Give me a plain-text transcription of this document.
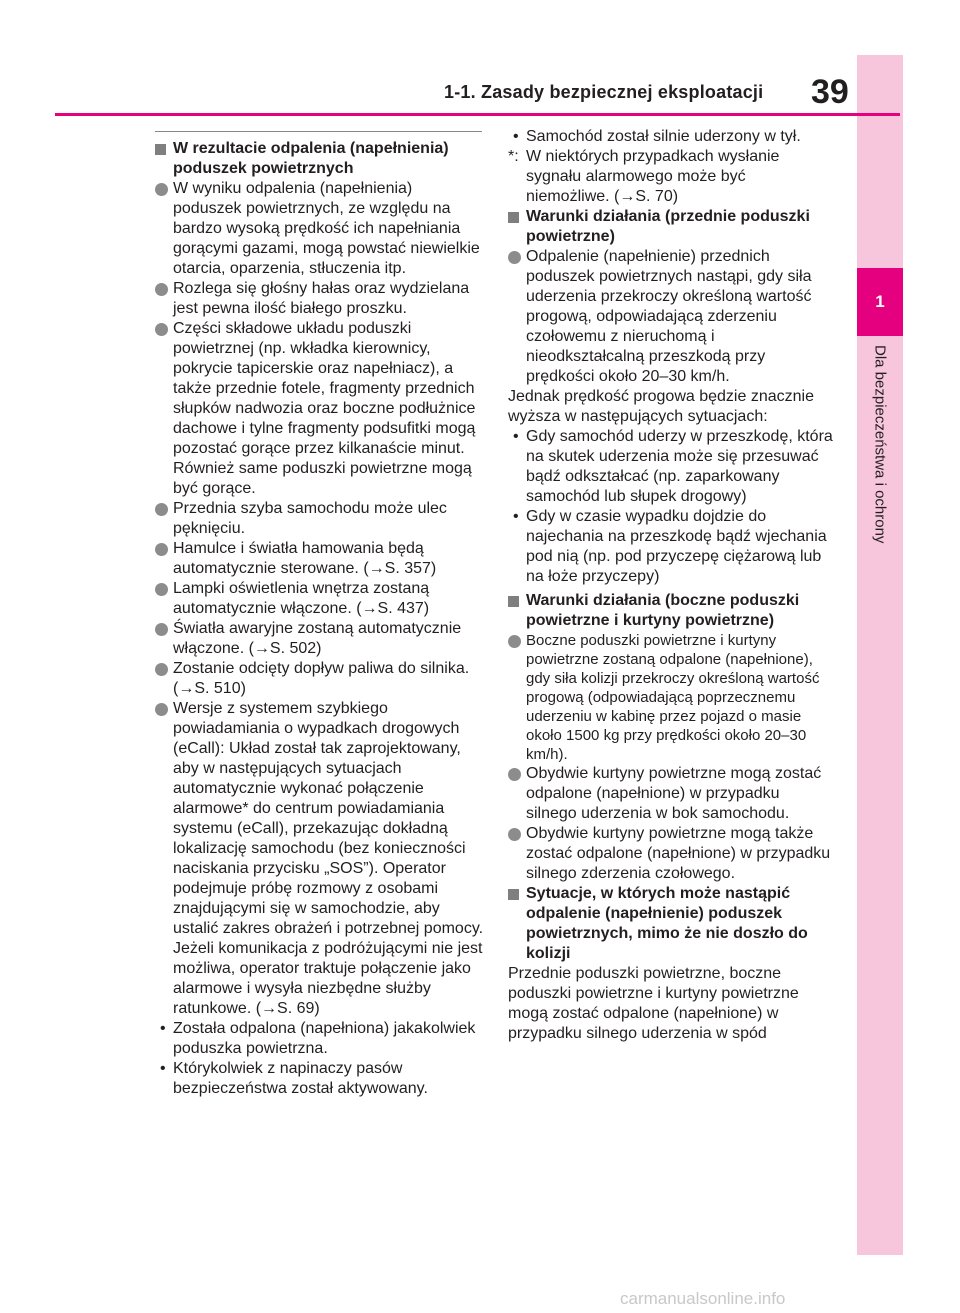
1
Dla bezpieczeństwa i ochrony
1-1. Zasady bezpiecznej eksploatacji 39

W rezultacie odpalenia (napełnienia) poduszek powietrznych

W wyniku odpalenia (napełnienia) poduszek powietrznych, ze względu na bardzo wysoką prędkość ich napełniania gorącymi gazami, mogą powstać niewielkie otarcia, oparzenia, stłuczenia itp.

Rozlega się głośny hałas oraz wydzielana jest pewna ilość białego proszku.

Części składowe układu poduszki powietrznej (np. wkładka kierownicy, pokrycie tapicerskie oraz napełniacz), a także przednie fotele, fragmenty przednich słupków nadwozia oraz boczne podłużnice dachowe i tylne fragmenty podsufitki mogą pozostać gorące przez kilkanaście minut. Również same poduszki powietrzne mogą być gorące.

Przednia szyba samochodu może ulec pęknięciu.

Hamulce i światła hamowania będą automatycznie sterowane. (→S. 357)

Lampki oświetlenia wnętrza zostaną automatycznie włączone. (→S. 437)

Światła awaryjne zostaną automatycznie włączone. (→S. 502)

Zostanie odcięty dopływ paliwa do silnika. (→S. 510)

Wersje z systemem szybkiego powiadamiania o wypadkach drogowych (eCall): Układ został tak zaprojektowany, aby w następujących sytuacjach automatycznie wykonać połączenie alarmowe* do centrum powiadamiania systemu (eCall), przekazując dokładną lokalizację samochodu (bez konieczności naciskania przycisku „SOS”). Operator podejmuje próbę rozmowy z osobami znajdującymi się w samochodzie, aby ustalić zakres obrażeń i potrzebnej pomocy. Jeżeli komunikacja z podróżującymi nie jest możliwa, operator traktuje połączenie jako alarmowe i wysyła niezbędne służby ratunkowe. (→S. 69)

• Została odpalona (napełniona) jakakolwiek poduszka powietrzna.

• Którykolwiek z napinaczy pasów bezpieczeństwa został aktywowany.

• Samochód został silnie uderzony w tył.

*: W niektórych przypadkach wysłanie sygnału alarmowego może być niemożliwe. (→S. 70)

Warunki działania (przednie poduszki powietrzne)

Odpalenie (napełnienie) przednich poduszek powietrznych nastąpi, gdy siła uderzenia przekroczy określoną wartość progową, odpowiadającą zderzeniu czołowemu z nieruchomą i nieodkształcalną przeszkodą przy prędkości około 20–30 km/h.

Jednak prędkość progowa będzie znacznie wyższa w następujących sytuacjach:

• Gdy samochód uderzy w przeszkodę, która na skutek uderzenia może się przesuwać bądź odkształcać (np. zaparkowany samochód lub słupek drogowy)

• Gdy w czasie wypadku dojdzie do najechania na przeszkodę bądź wjechania pod nią (np. pod przyczepę ciężarową lub na łoże przyczepy)

Warunki działania (boczne poduszki powietrzne i kurtyny powietrzne)

Boczne poduszki powietrzne i kurtyny powietrzne zostaną odpalone (napełnione), gdy siła kolizji przekroczy określoną wartość progową (odpowiadającą poprzecznemu uderzeniu w kabinę przez pojazd o masie około 1500 kg przy prędkości około 20–30 km/h).

Obydwie kurtyny powietrzne mogą zostać odpalone (napełnione) w przypadku silnego uderzenia w bok samochodu.

Obydwie kurtyny powietrzne mogą także zostać odpalone (napełnione) w przypadku silnego zderzenia czołowego.

Sytuacje, w których może nastąpić odpalenie (napełnienie) poduszek powietrznych, mimo że nie doszło do kolizji

Przednie poduszki powietrzne, boczne poduszki powietrzne i kurtyny powietrzne mogą zostać odpalone (napełnione) w przypadku silnego uderzenia w spód

carmanualsonline.info
